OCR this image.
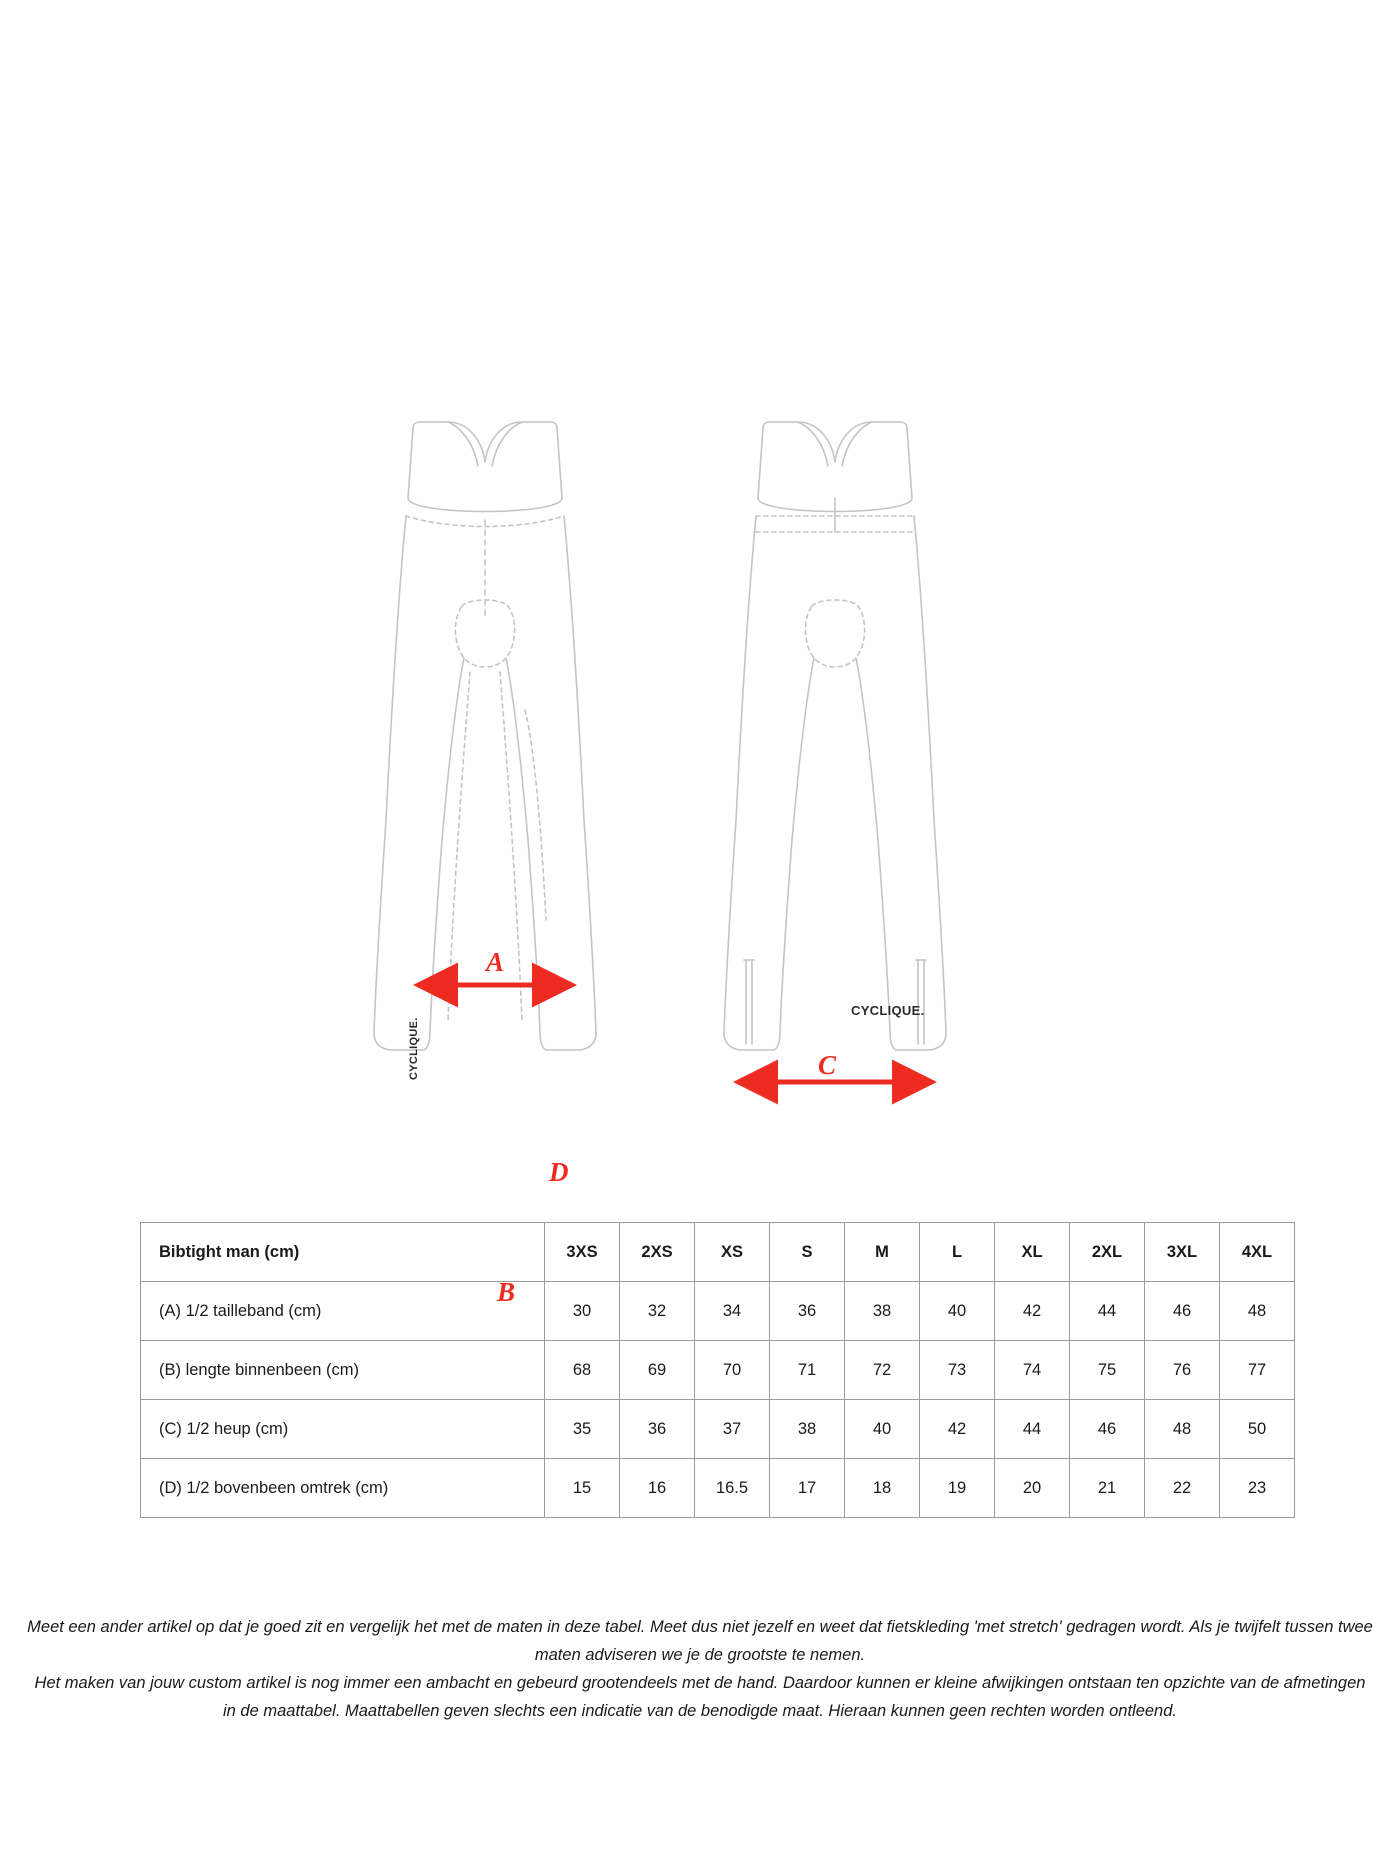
CYCLIQUE.
CYCLIQUE.
A
B
C
D
Bibtight man (cm)	3XS	2XS	XS	S	M	L	XL	2XL	3XL	4XL
(A) 1/2 tailleband (cm)	30	32	34	36	38	40	42	44	46	48
(B) lengte binnenbeen (cm)	68	69	70	71	72	73	74	75	76	77
(C) 1/2 heup (cm)	35	36	37	38	40	42	44	46	48	50
(D) 1/2 bovenbeen omtrek (cm)	15	16	16.5	17	18	19	20	21	22	23

Meet een ander artikel op dat je goed zit en vergelijk het met de maten in deze tabel. Meet dus niet jezelf en weet dat fietskleding 'met stretch' gedragen wordt. Als je twijfelt tussen twee

maten adviseren we je de grootste te nemen.

Het maken van jouw custom artikel is nog immer een ambacht en gebeurd grootendeels met de hand. Daardoor kunnen er kleine afwijkingen ontstaan ten opzichte van de afmetingen

in de maattabel. Maattabellen geven slechts een indicatie van de benodigde maat. Hieraan kunnen geen rechten worden ontleend.
